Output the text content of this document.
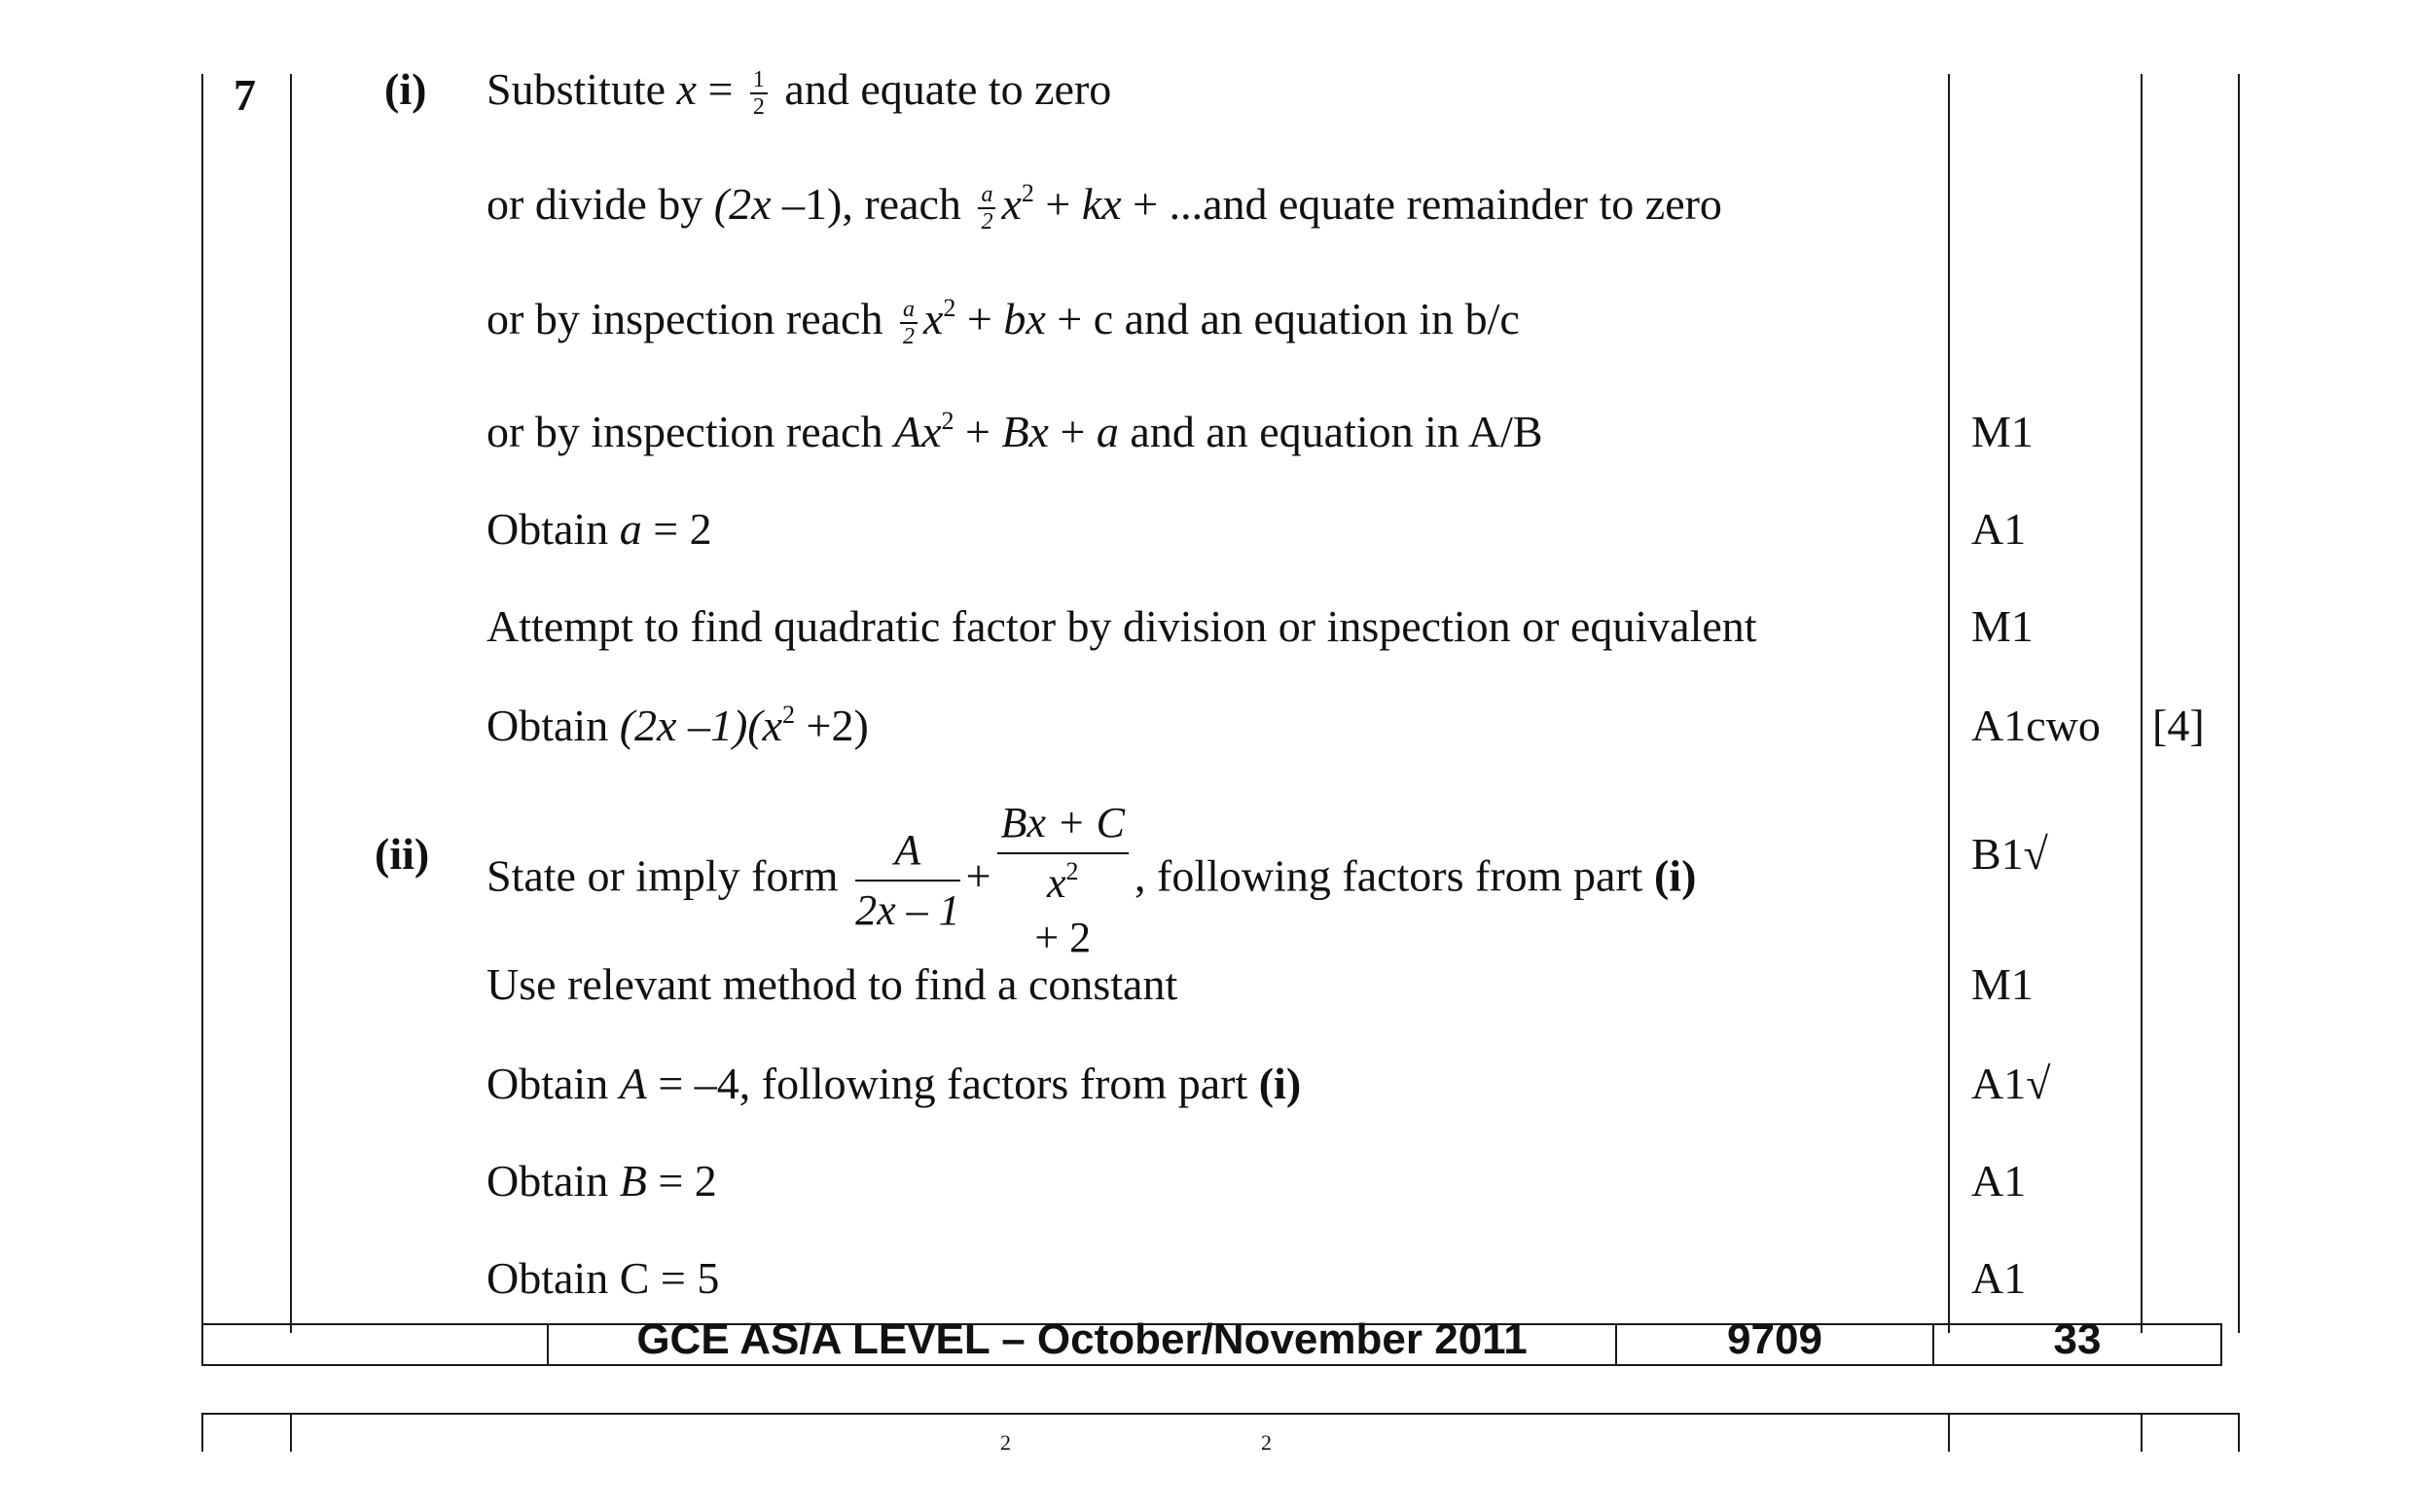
7	(i) Substitute $x = \frac{1}{2}$ and equate to zero
or divide by (2x –1), reach $\frac{a}{2} x^2$ + kx + ...and equate remainder to zero
or by inspection reach $\frac{a}{2} x^2$ + bx + c and an equation in b/c
or by inspection reach $Ax^2 + Bx + a$ and an equation in A/B	M1
Obtain a = 2	A1
Attempt to find quadratic factor by division or inspection or equivalent	M1
Obtain (2x $-1)(x^2 +2)$	A1cwo [4]
(ii) State or imply form $\frac{A}{2x - 1} + Bx + C$
$x^2$
+ 2 , following factors from part (i)	B1√
Use relevant method to find a constant	M1
Obtain A = –4, following factors from part (i)	A1√
Obtain B = 2	A1
Obtain C = 5	A1
GCE AS/A LEVEL – October/November 2011	9709	33
2	2
